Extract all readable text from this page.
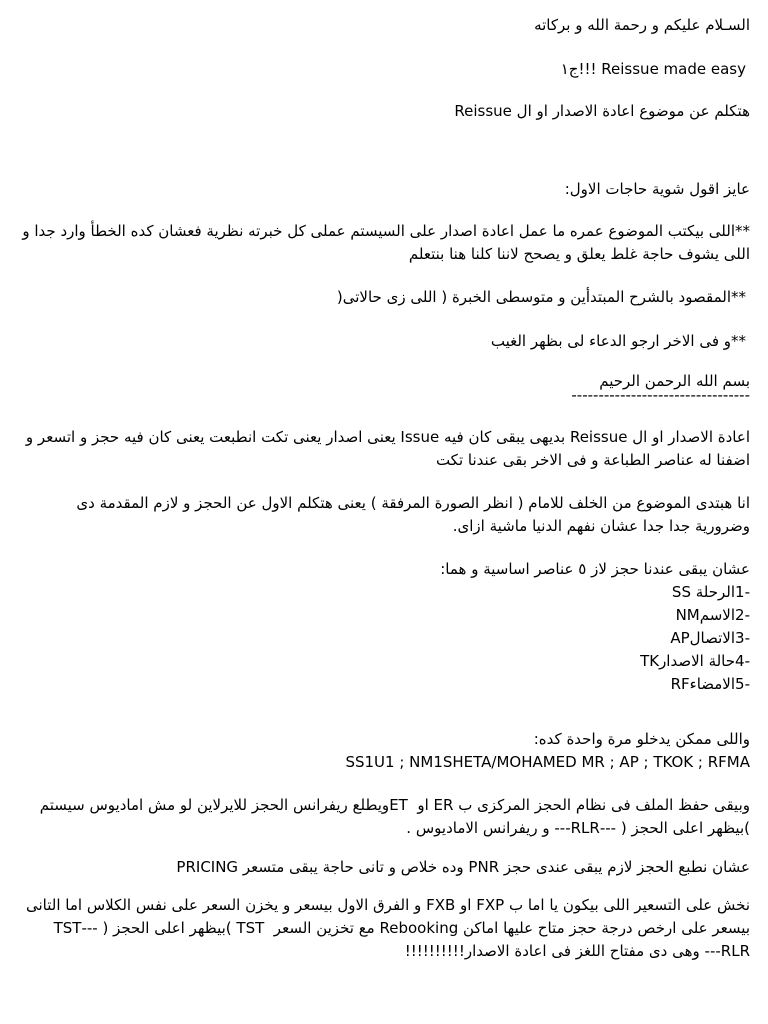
السـلام عليكم و رحمة الله و بركاته

Reissue made easy !!!ج١

هتكلم عن موضوع اعادة الاصدار او ال Reissue

عايز اقول شوية حاجات الاول:

**اللى بيكتب الموضوع عمره ما عمل اعادة اصدار على السيستم عملى كل خبرته نظرية فعشان كده الخطأ وارد جدا و اللى يشوف حاجة غلط يعلق و يصحح لاننا كلنا هنا بنتعلم

**المقصود بالشرح المبتدأين و متوسطى الخبرة ( اللى زى حالاتى(

**و فى الاخر ارجو الدعاء لى بظهر الغيب

بسم الله الرحمن الرحيم

---------------------------------

اعادة الاصدار او ال Reissue بديهى يبقى كان فيه Issue يعنى اصدار يعنى تكت انطبعت يعنى كان فيه حجز و اتسعر و اضفنا له عناصر الطباعة و فى الاخر بقى عندنا تكت

انا هبتدى الموضوع من الخلف للامام ( انظر الصورة المرفقة ) يعنى هتكلم الاول عن الحجز و لازم المقدمة دى وضرورية جدا جدا عشان نفهم الدنيا ماشية ازاى.

عشان يبقى عندنا حجز لاز ٥ عناصر اساسية و هما:

-1الرحلة SS

-2الاسمNM

-3الاتصالAP

-4حالة الاصدارTK

-5الامضاءRF

واللى ممكن يدخلو مرة واحدة كده:

SS1U1 ; NM1SHETA/MOHAMED MR ; AP ; TKOK ; RFMA

وبيقى حفظ الملف فى نظام الحجز المركزى ب ER او  ETويطلع ريفرانس الحجز للايرلاين لو مش اماديوس سيستم )بيظهر اعلى الحجز ( ---RLR--- و ريفرانس الاماديوس .

عشان نطبع الحجز لازم يبقى عندى حجز PNR وده خلاص و تانى حاجة يبقى متسعر PRICING

نخش على التسعير اللى بيكون يا اما ب FXP او FXB و الفرق الاول بيسعر و يخزن السعر على نفس الكلاس اما التانى بيسعر على ارخص درجة حجز متاح عليها اماكن Rebooking مع تخزين السعر  TST )بيظهر اعلى الحجز ( ---TST RLR--- وهى دى مفتاح اللغز فى اعادة الاصدار!!!!!!!!!!
